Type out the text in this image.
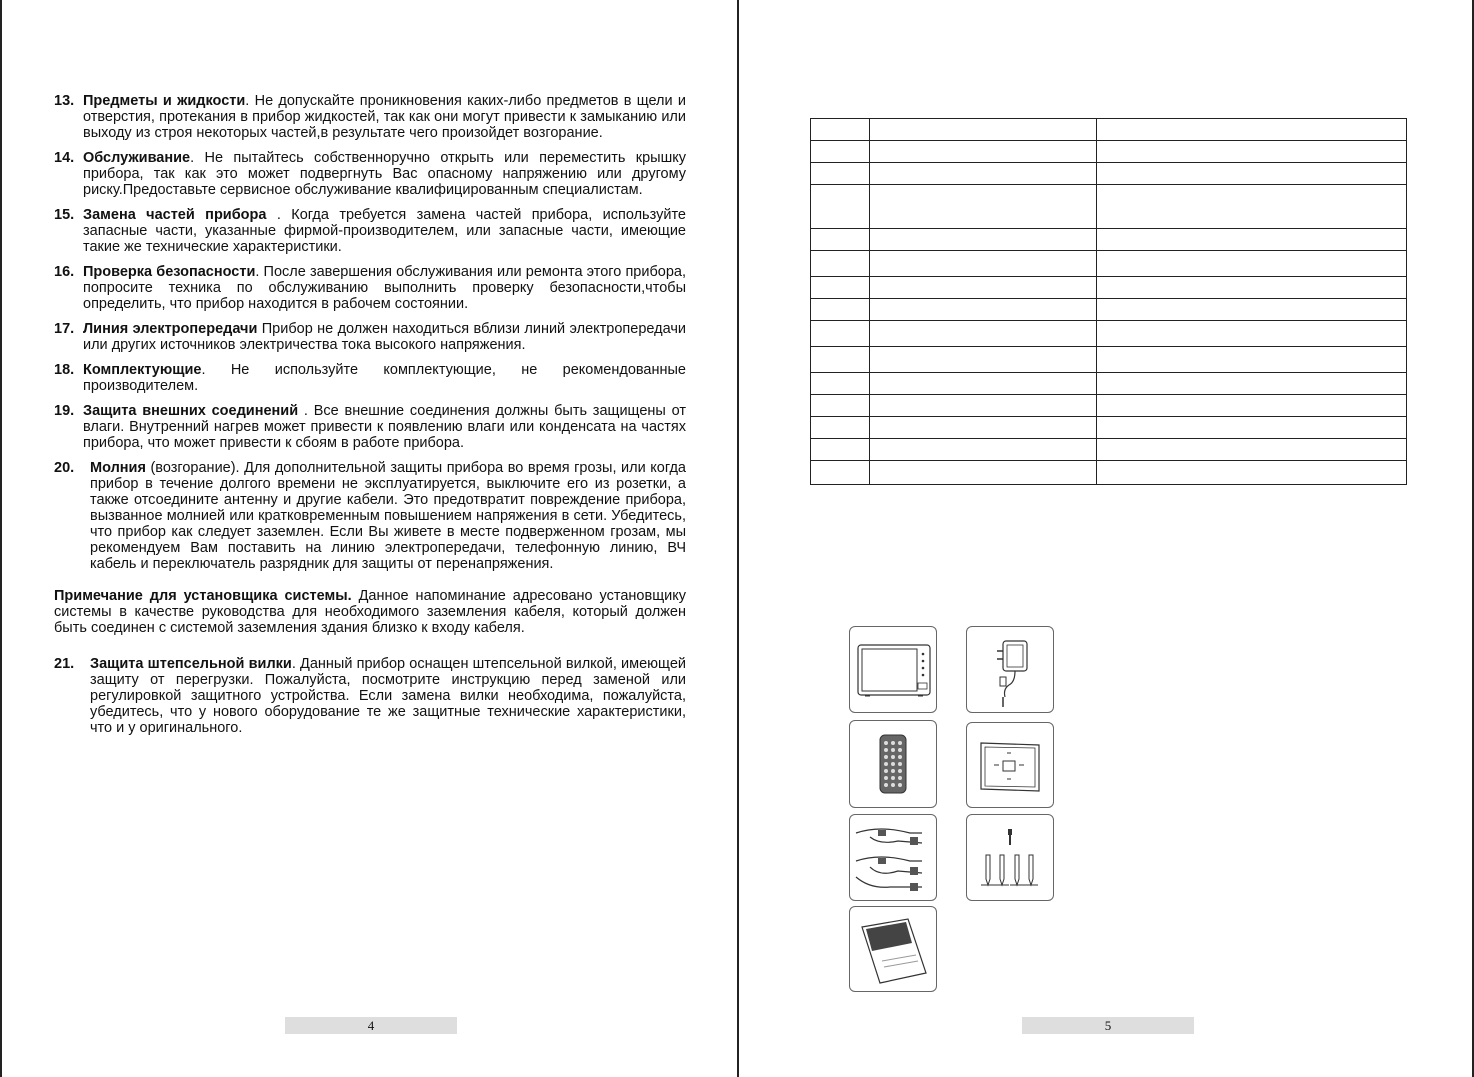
13. Предметы и жидкости. Не допускайте проникновения каких-либо предметов в щели и отверстия, протекания в прибор жидкостей, так как они могут привести к замыканию или выходу из строя некоторых частей,в результате чего произойдет возгорание.
14. Обслуживание. Не пытайтесь собственноручно открыть или переместить крышку прибора, так как это может подвергнуть Вас опасному напряжению или другому риску.Предоставьте сервисное обслуживание квалифицированным специалистам.
15. Замена частей прибора . Когда требуется замена частей прибора, используйте запасные части, указанные фирмой-производителем, или запасные части, имеющие такие же технические характеристики.
16. Проверка безопасности. После завершения обслуживания или ремонта этого прибора, попросите техника по обслуживанию выполнить проверку безопасности,чтобы определить, что прибор находится в рабочем состоянии.
17. Линия электропередачи Прибор не должен находиться вблизи линий электропередачи или других источников электричества тока высокого напряжения.
18. Комплектующие. Не используйте комплектующие, не рекомендованные производителем.
19. Защита внешних соединений . Все внешние соединения должны быть защищены от влаги. Внутренний нагрев может привести к появлению влаги или конденсата на частях прибора, что может привести к сбоям в работе прибора.
20.	Молния (возгорание). Для дополнительной защиты прибора во время грозы, или когда прибор в течение долгого времени не эксплуатируется, выключите его из розетки, а также отсоедините антенну и другие кабели. Это предотвратит повреждение прибора, вызванное молнией или кратковременным повышением напряжения в сети. Убедитесь, что прибор как следует заземлен. Если Вы живете в месте подверженном грозам, мы рекомендуем Вам поставить на линию электропередачи, телефонную линию, ВЧ кабель и переключатель разрядник для защиты от перенапряжения.
Примечание для установщика системы. Данное напоминание адресовано установщику системы в качестве руководства для необходимого заземления кабеля, который должен быть соединен с системой заземления здания близко к входу кабеля.
21.	Защита штепсельной вилки. Данный прибор оснащен штепсельной вилкой, имеющей защиту от перегрузки. Пожалуйста, посмотрите инструкцию перед заменой или регулировкой защитного устройства. Если замена вилки необходима, пожалуйста, убедитесь, что у нового оборудование те же защитные технические характеристики, что и у оригинального.
4

			5
